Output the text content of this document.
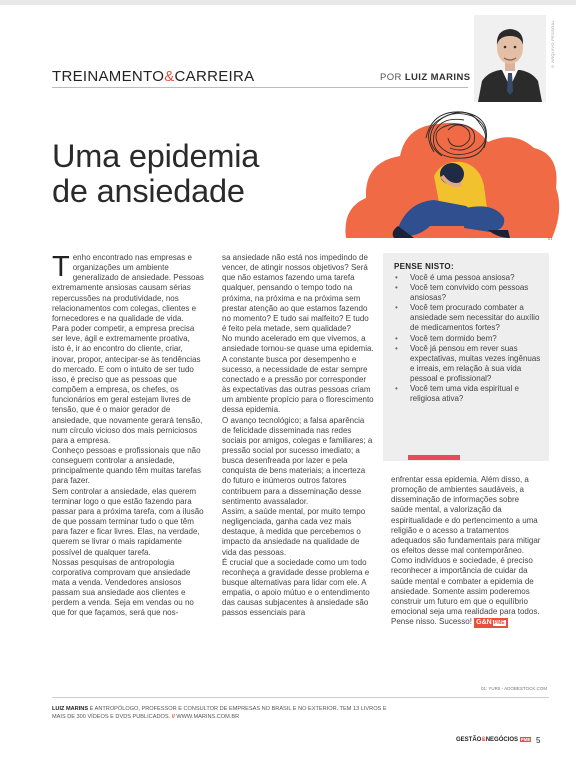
TREINAMENTO&CARREIRA	POR LUIZ MARINS
© ARQUIVO PESSOAL
Uma epidemia
de ansiedade
01

Tenho encontrado nas empresas e organizações um ambiente generalizado de ansiedade. Pessoas extremamente ansiosas causam sérias repercussões na produtividade, nos relacionamentos com colegas, clientes e fornecedores e na qualidade de vida.

Para poder competir, a empresa precisa ser leve, ágil e extremamente proativa, isto é, ir ao encontro do cliente, criar, inovar, propor, antecipar-se às tendências do mercado. E com o intuito de ser tudo isso, é preciso que as pessoas que compõem a empresa, os chefes, os funcionários em geral estejam livres de tensão, que é o maior gerador de ansiedade, que novamente gerará tensão, num círculo vicioso dos mais perniciosos para a empresa.

Conheço pessoas e profissionais que não conseguem controlar a ansiedade, principalmente quando têm muitas tarefas para fazer.

Sem controlar a ansiedade, elas querem terminar logo o que estão fazendo para passar para a próxima tarefa, com a ilusão de que possam terminar tudo o que têm para fazer e ficar livres. Elas, na verdade, querem se livrar o mais rapidamente possível de qualquer tarefa.

Nossas pesquisas de antropologia corporativa comprovam que ansiedade mata a venda. Vendedores ansiosos passam sua ansiedade aos clientes e perdem a venda. Seja em vendas ou no que for que façamos, será que nos-

sa ansiedade não está nos impedindo de vencer, de atingir nossos objetivos? Será que não estamos fazendo uma tarefa qualquer, pensando o tempo todo na próxima, na próxima e na próxima sem prestar atenção ao que estamos fazendo no momento? E tudo sai malfeito? E tudo é feito pela metade, sem qualidade?

No mundo acelerado em que vivemos, a ansiedade tornou-se quase uma epidemia. A constante busca por desempenho e sucesso, a necessidade de estar sempre conectado e a pressão por corresponder às expectativas das outras pessoas criam um ambiente propício para o florescimento dessa epidemia.

O avanço tecnológico; a falsa aparência de felicidade disseminada nas redes sociais por amigos, colegas e familiares; a pressão social por sucesso imediato; a busca desenfreada por lazer e pela conquista de bens materiais; a incerteza do futuro e inúmeros outros fatores contribuem para a disseminação desse sentimento avassalador.

Assim, a saúde mental, por muito tempo negligenciada, ganha cada vez mais destaque, à medida que percebemos o impacto da ansiedade na qualidade de vida das pessoas.

É crucial que a sociedade como um todo reconheça a gravidade desse problema e busque alternativas para lidar com ele. A empatia, o apoio mútuo e o entendimento das causas subjacentes à ansiedade são passos essenciais para

PENSE NISTO:
• Você é uma pessoa ansiosa?
• Você tem convivido com pessoas ansiosas?
• Você tem procurado combater a ansiedade sem necessitar do auxílio de medicamentos fortes?
• Você tem dormido bem?
• Você já pensou em rever suas expectativas, muitas vezes ingênuas e irreais, em relação à sua vida pessoal e profissional?
• Você tem uma vida espiritual e religiosa ativa?

enfrentar essa epidemia. Além disso, a promoção de ambientes saudáveis, a disseminação de informações sobre saúde mental, a valorização da espiritualidade e do pertencimento a uma religião e o acesso a tratamentos adequados são fundamentais para mitigar os efeitos desse mal contemporâneo.

Como indivíduos e sociedade, é preciso reconhecer a importância de cuidar da saúde mental e combater a epidemia de ansiedade. Somente assim poderemos construir um futuro em que o equilíbrio emocional seja uma realidade para todos.

Pense nisso. Sucesso! G&N PME

01: YURII - ADOBESTOCK.COM
LUIZ MARINS É ANTROPÓLOGO, PROFESSOR E CONSULTOR DE EMPRESAS NO BRASIL E NO EXTERIOR. TEM 13 LIVROS E MAIS DE 300 VÍDEOS E DVDS PUBLICADOS. // WWW.MARINS.COM.BR
GESTÃO&NEGÓCIOS PME 5
